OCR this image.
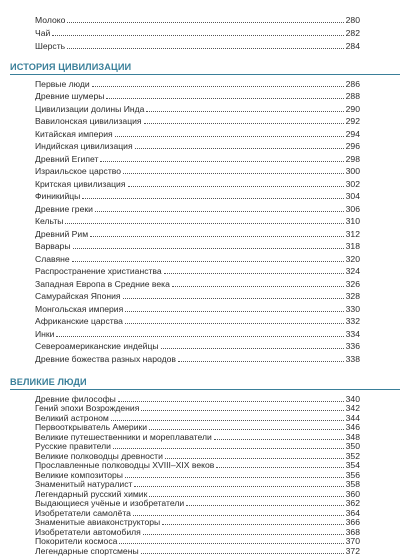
Молоко	280
Чай	282
Шерсть	284
ИСТОРИЯ ЦИВИЛИЗАЦИИ
Первые люди	286
Древние шумеры	288
Цивилизации долины Инда	290
Вавилонская цивилизация	292
Китайская империя	294
Индийская цивилизация	296
Древний Египет	298
Израильское царство	300
Критская цивилизация	302
Финикийцы	304
Древние греки	306
Кельты	310
Древний Рим	312
Варвары	318
Славяне	320
Распространение христианства	324
Западная Европа в Средние века	326
Самурайская Япония	328
Монгольская империя	330
Африканские царства	332
Инки	334
Североамериканские индейцы	336
Древние божества разных народов	338
ВЕЛИКИЕ ЛЮДИ
Древние философы	340
Гений эпохи Возрождения	342
Великий астроном	344
Первооткрыватель Америки	346
Великие путешественники и мореплаватели	348
Русские правители	350
Великие полководцы древности	352
Прославленные полководцы XVIII–XIX веков	354
Великие композиторы	356
Знаменитый натуралист	358
Легендарный русский химик	360
Выдающиеся учёные и изобретатели	362
Изобретатели самолёта	364
Знаменитые авиаконструкторы	366
Изобретатели автомобиля	368
Покорители космоса	370
Легендарные спортсмены	372
